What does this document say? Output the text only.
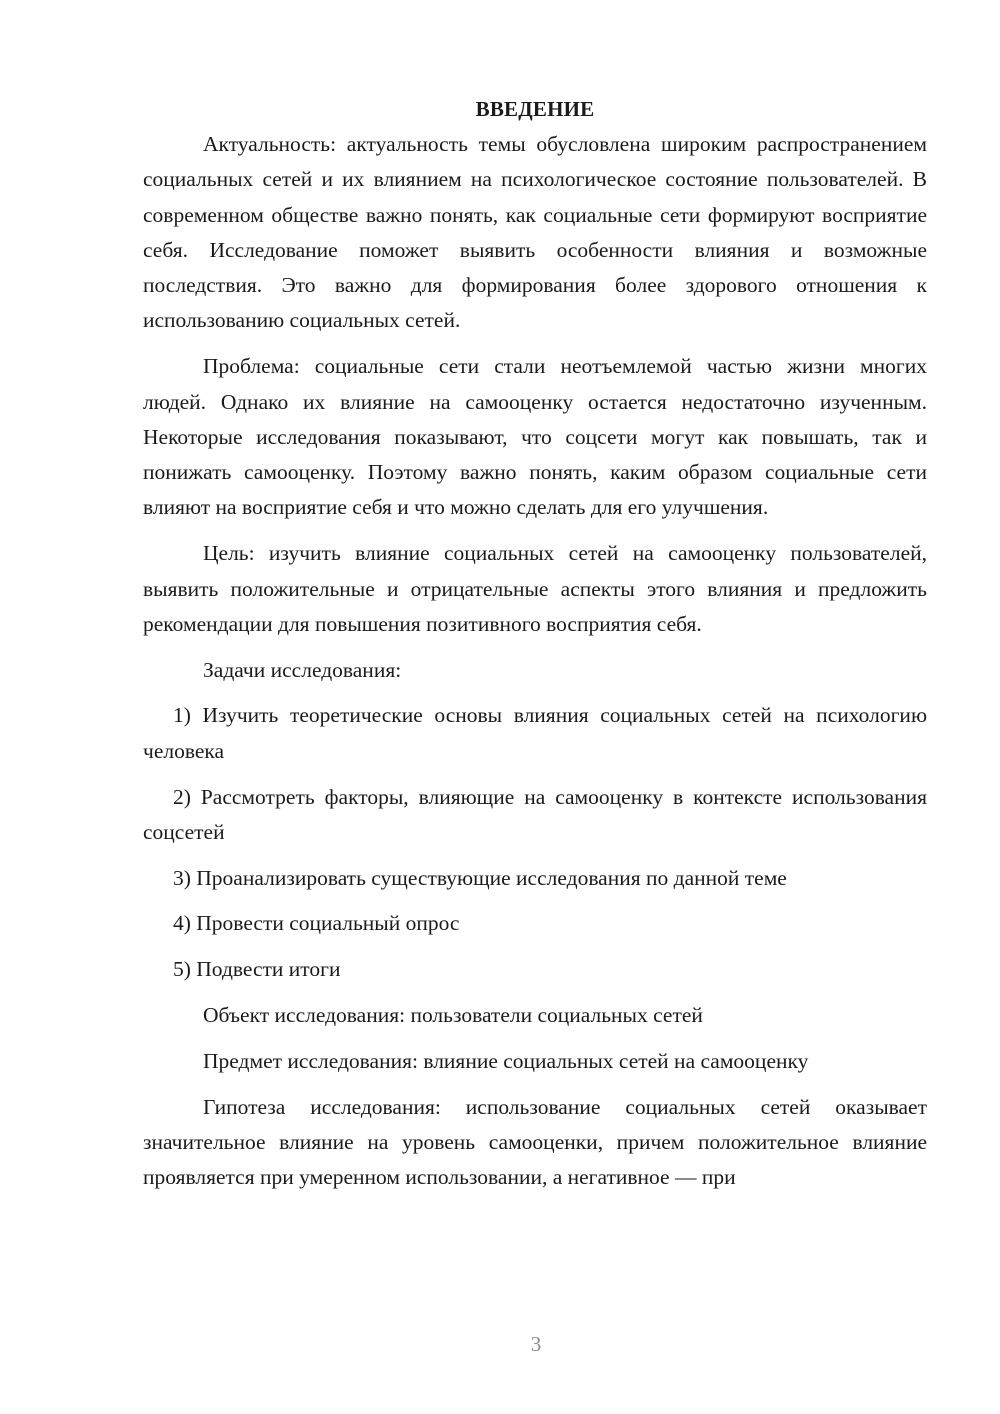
ВВЕДЕНИЕ

Актуальность: актуальность темы обусловлена широким распространением социальных сетей и их влиянием на психологическое состояние пользователей. В современном обществе важно понять, как социальные сети формируют восприятие себя. Исследование поможет выявить особенности влияния и возможные последствия. Это важно для формирования более здорового отношения к использованию социальных сетей.

Проблема: социальные сети стали неотъемлемой частью жизни многих людей. Однако их влияние на самооценку остается недостаточно изученным. Некоторые исследования показывают, что соцсети могут как повышать, так и понижать самооценку. Поэтому важно понять, каким образом социальные сети влияют на восприятие себя и что можно сделать для его улучшения.

Цель: изучить влияние социальных сетей на самооценку пользователей, выявить положительные и отрицательные аспекты этого влияния и предложить рекомендации для повышения позитивного восприятия себя.

Задачи исследования:

1) Изучить теоретические основы влияния социальных сетей на психологию человека

2) Рассмотреть факторы, влияющие на самооценку в контексте использования соцсетей

3) Проанализировать существующие исследования по данной теме

4) Провести социальный опрос

5) Подвести итоги

Объект исследования: пользователи социальных сетей

Предмет исследования: влияние социальных сетей на самооценку

Гипотеза исследования: использование социальных сетей оказывает значительное влияние на уровень самооценки, причем положительное влияние проявляется при умеренном использовании, а негативное — при

3
